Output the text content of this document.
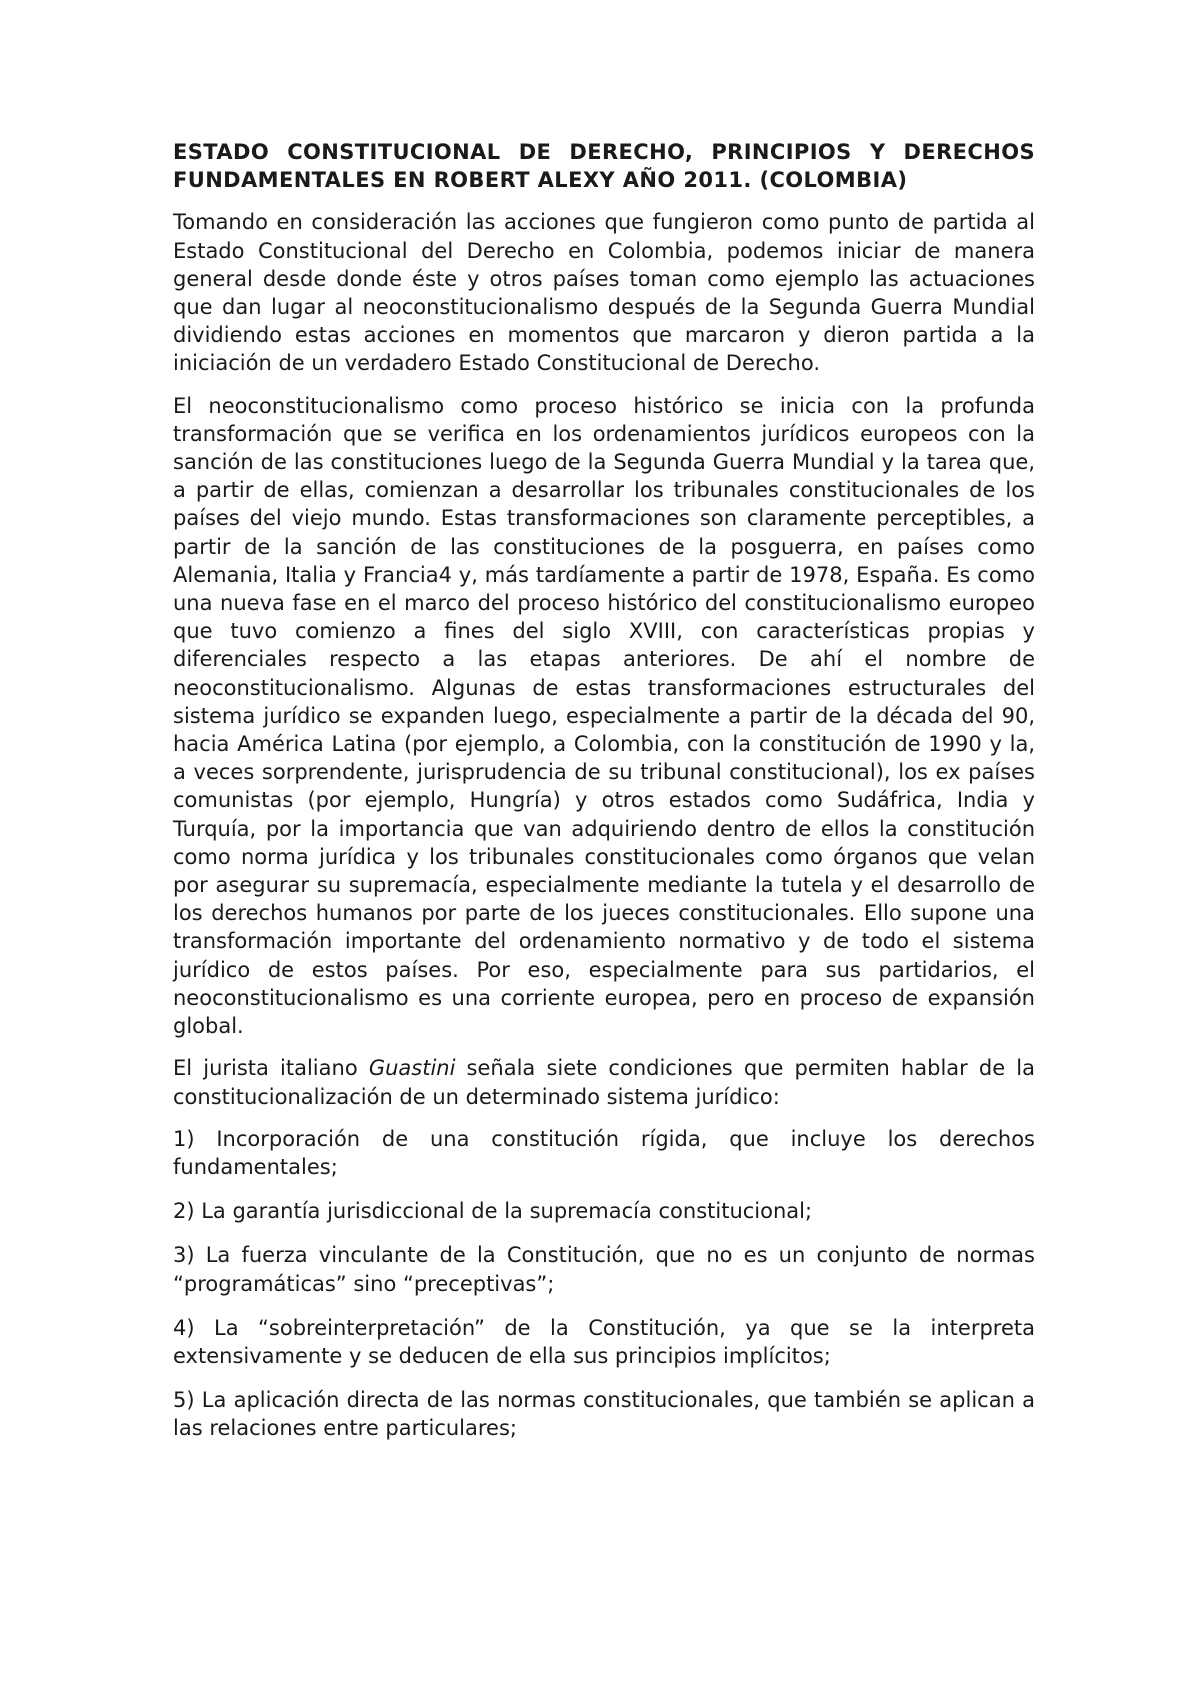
ESTADO CONSTITUCIONAL DE DERECHO, PRINCIPIOS Y DERECHOS FUNDAMENTALES EN ROBERT ALEXY AÑO 2011. (COLOMBIA)

Tomando en consideración las acciones que fungieron como punto de partida al Estado Constitucional del Derecho en Colombia, podemos iniciar de manera general desde donde éste y otros países toman como ejemplo las actuaciones que dan lugar al neoconstitucionalismo después de la Segunda Guerra Mundial dividiendo estas acciones en momentos que marcaron y dieron partida a la iniciación de un verdadero Estado Constitucional de Derecho.

El neoconstitucionalismo como proceso histórico se inicia con la profunda transformación que se verifica en los ordenamientos jurídicos europeos con la sanción de las constituciones luego de la Segunda Guerra Mundial y la tarea que, a partir de ellas, comienzan a desarrollar los tribunales constitucionales de los países del viejo mundo. Estas transformaciones son claramente perceptibles, a partir de la sanción de las constituciones de la posguerra, en países como Alemania, Italia y Francia4 y, más tardíamente a partir de 1978, España. Es como una nueva fase en el marco del proceso histórico del constitucionalismo europeo que tuvo comienzo a fines del siglo XVIII, con características propias y diferenciales respecto a las etapas anteriores. De ahí el nombre de neoconstitucionalismo. Algunas de estas transformaciones estructurales del sistema jurídico se expanden luego, especialmente a partir de la década del 90, hacia América Latina (por ejemplo, a Colombia, con la constitución de 1990 y la, a veces sorprendente, jurisprudencia de su tribunal constitucional), los ex países comunistas (por ejemplo, Hungría) y otros estados como Sudáfrica, India y Turquía, por la importancia que van adquiriendo dentro de ellos la constitución como norma jurídica y los tribunales constitucionales como órganos que velan por asegurar su supremacía, especialmente mediante la tutela y el desarrollo de los derechos humanos por parte de los jueces constitucionales. Ello supone una transformación importante del ordenamiento normativo y de todo el sistema jurídico de estos países. Por eso, especialmente para sus partidarios, el neoconstitucionalismo es una corriente europea, pero en proceso de expansión global.

El jurista italiano Guastini señala siete condiciones que permiten hablar de la constitucionalización de un determinado sistema jurídico:

1) Incorporación de una constitución rígida, que incluye los derechos fundamentales;

2) La garantía jurisdiccional de la supremacía constitucional;

3) La fuerza vinculante de la Constitución, que no es un conjunto de normas “programáticas” sino “preceptivas”;

4) La “sobreinterpretación” de la Constitución, ya que se la interpreta extensivamente y se deducen de ella sus principios implícitos;

5) La aplicación directa de las normas constitucionales, que también se aplican a las relaciones entre particulares;
